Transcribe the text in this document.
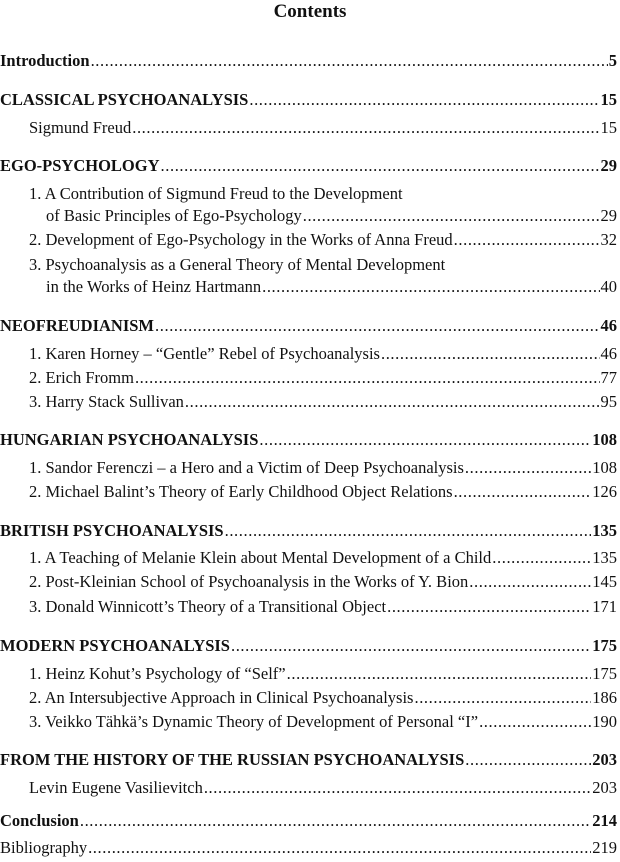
Contents
Introduction .....	5
CLASSICAL PSYCHOANALYSIS .....	15
Sigmund Freud .....	15
EGO-PSYCHOLOGY .....	29
1. A Contribution of Sigmund Freud to the Development
of Basic Principles of Ego-Psychology .....	29
2. Development of Ego-Psychology in the Works of Anna Freud .....	32
3. Psychoanalysis as a General Theory of Mental Development
in the Works of Heinz Hartmann .....	40
NEOFREUDIANISM .....	46
1. Karen Horney – “Gentle” Rebel of Psychoanalysis .....	46
2. Erich Fromm .....	77
3. Harry Stack Sullivan .....	95
HUNGARIAN PSYCHOANALYSIS .....	108
1. Sandor Ferenczi – a Hero and a Victim of Deep Psychoanalysis .....	108
2. Michael Balint’s Theory of Early Childhood Object Relations .....	126
BRITISH PSYCHOANALYSIS .....	135
1. A Teaching of Melanie Klein about Mental Development of a Child .....	135
2. Post-Kleinian School of Psychoanalysis in the Works of Y. Bion .....	145
3. Donald Winnicott’s Theory of a Transitional Object .....	171
MODERN PSYCHOANALYSIS .....	175
1. Heinz Kohut’s Psychology of “Self” .....	175
2. An Intersubjective Approach in Clinical Psychoanalysis .....	186
3. Veikko Tähkä’s Dynamic Theory of Development of Personal “I” .....	190
FROM THE HISTORY OF THE RUSSIAN PSYCHOANALYSIS .....	203
Levin Eugene Vasilievitch .....	203
Conclusion .....	214
Bibliography .....	219
